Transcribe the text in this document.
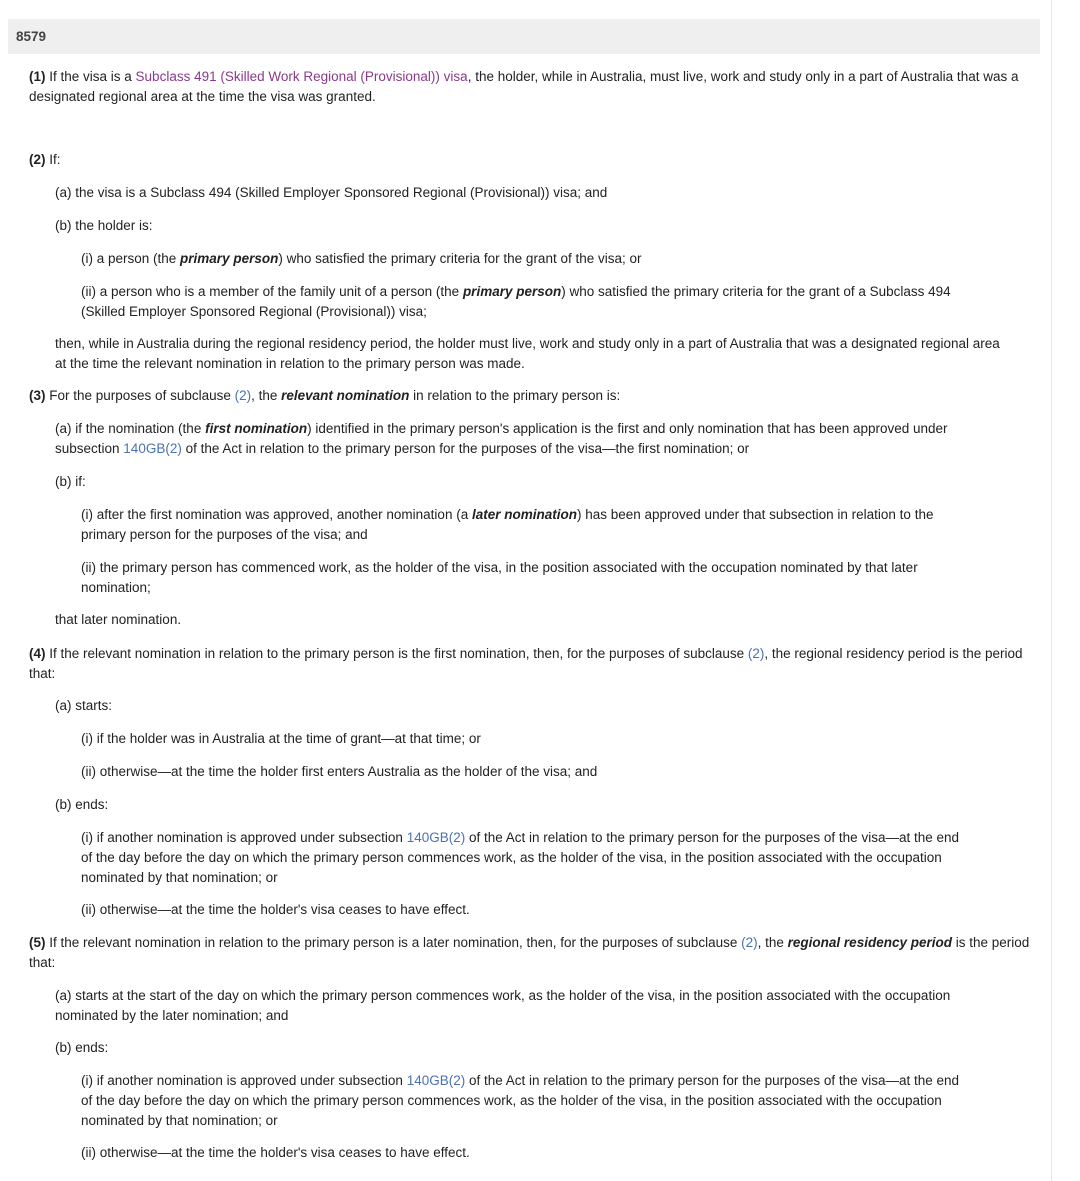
8579

(1) If the visa is a Subclass 491 (Skilled Work Regional (Provisional)) visa, the holder, while in Australia, must live, work and study only in a part of Australia that was a designated regional area at the time the visa was granted.

(2) If:

(a) the visa is a Subclass 494 (Skilled Employer Sponsored Regional (Provisional)) visa; and

(b) the holder is:

(i) a person (the primary person) who satisfied the primary criteria for the grant of the visa; or

(ii) a person who is a member of the family unit of a person (the primary person) who satisfied the primary criteria for the grant of a Subclass 494 (Skilled Employer Sponsored Regional (Provisional)) visa;

then, while in Australia during the regional residency period, the holder must live, work and study only in a part of Australia that was a designated regional area at the time the relevant nomination in relation to the primary person was made.

(3) For the purposes of subclause (2), the relevant nomination in relation to the primary person is:

(a) if the nomination (the first nomination) identified in the primary person's application is the first and only nomination that has been approved under subsection 140GB(2) of the Act in relation to the primary person for the purposes of the visa—the first nomination; or

(b) if:

(i) after the first nomination was approved, another nomination (a later nomination) has been approved under that subsection in relation to the primary person for the purposes of the visa; and

(ii) the primary person has commenced work, as the holder of the visa, in the position associated with the occupation nominated by that later nomination;

that later nomination.

(4) If the relevant nomination in relation to the primary person is the first nomination, then, for the purposes of subclause (2), the regional residency period is the period that:

(a) starts:

(i) if the holder was in Australia at the time of grant—at that time; or

(ii) otherwise—at the time the holder first enters Australia as the holder of the visa; and

(b) ends:

(i) if another nomination is approved under subsection 140GB(2) of the Act in relation to the primary person for the purposes of the visa—at the end of the day before the day on which the primary person commences work, as the holder of the visa, in the position associated with the occupation nominated by that nomination; or

(ii) otherwise—at the time the holder's visa ceases to have effect.

(5) If the relevant nomination in relation to the primary person is a later nomination, then, for the purposes of subclause (2), the regional residency period is the period that:

(a) starts at the start of the day on which the primary person commences work, as the holder of the visa, in the position associated with the occupation nominated by the later nomination; and

(b) ends:

(i) if another nomination is approved under subsection 140GB(2) of the Act in relation to the primary person for the purposes of the visa—at the end of the day before the day on which the primary person commences work, as the holder of the visa, in the position associated with the occupation nominated by that nomination; or

(ii) otherwise—at the time the holder's visa ceases to have effect.
